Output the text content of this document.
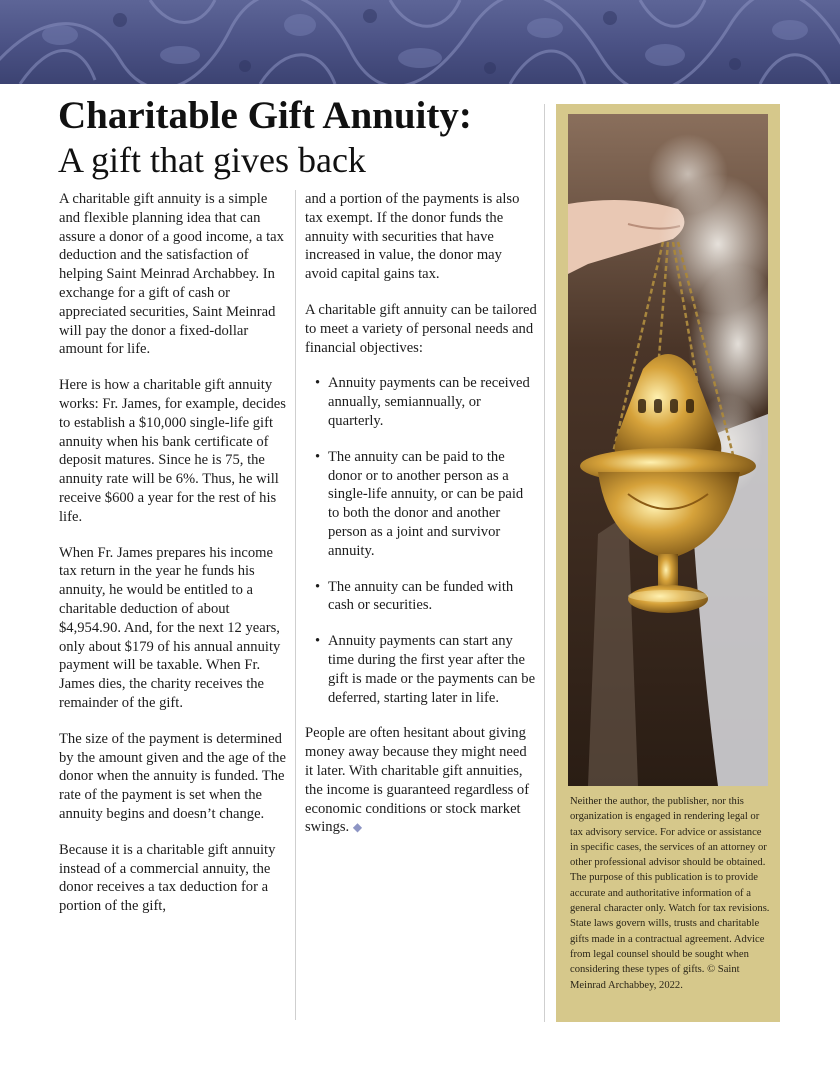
Charitable Gift Annuity:
A gift that gives back

A charitable gift annuity is a simple and flexible planning idea that can assure a donor of a good income, a tax deduction and the satisfaction of helping Saint Meinrad Archabbey. In exchange for a gift of cash or appreciated securities, Saint Meinrad will pay the donor a fixed-dollar amount for life.

Here is how a charitable gift annuity works: Fr. James, for example, decides to establish a $10,000 single-life gift annuity when his bank certificate of deposit matures. Since he is 75, the annuity rate will be 6%. Thus, he will receive $600 a year for the rest of his life.

When Fr. James prepares his income tax return in the year he funds his annuity, he would be entitled to a charitable deduction of about $4,954.90. And, for the next 12 years, only about $179 of his annual annuity payment will be taxable. When Fr. James dies, the charity receives the remainder of the gift.

The size of the payment is determined by the amount given and the age of the donor when the annuity is funded. The rate of the payment is set when the annuity begins and doesn’t change.

Because it is a charitable gift annuity instead of a commercial annuity, the donor receives a tax deduction for a portion of the gift,

and a portion of the payments is also tax exempt. If the donor funds the annuity with securities that have increased in value, the donor may avoid capital gains tax.

A charitable gift annuity can be tailored to meet a variety of personal needs and financial objectives:

• Annuity payments can be received annually, semiannually, or quarterly.
• The annuity can be paid to the donor or to another person as a single-life annuity, or can be paid to both the donor and another person as a joint and survivor annuity.
• The annuity can be funded with cash or securities.
• Annuity payments can start any time during the first year after the gift is made or the payments can be deferred, starting later in life.

People are often hesitant about giving money away because they might need it later. With charitable gift annuities, the income is guaranteed regardless of economic conditions or stock market swings. ◆

Neither the author, the publisher, nor this organization is engaged in rendering legal or tax advisory service. For advice or assistance in specific cases, the services of an attorney or other professional advisor should be obtained. The purpose of this publication is to provide accurate and authoritative information of a general character only. Watch for tax revisions. State laws govern wills, trusts and charitable gifts made in a contractual agreement. Advice from legal counsel should be sought when considering these types of gifts. © Saint Meinrad Archabbey, 2022.
